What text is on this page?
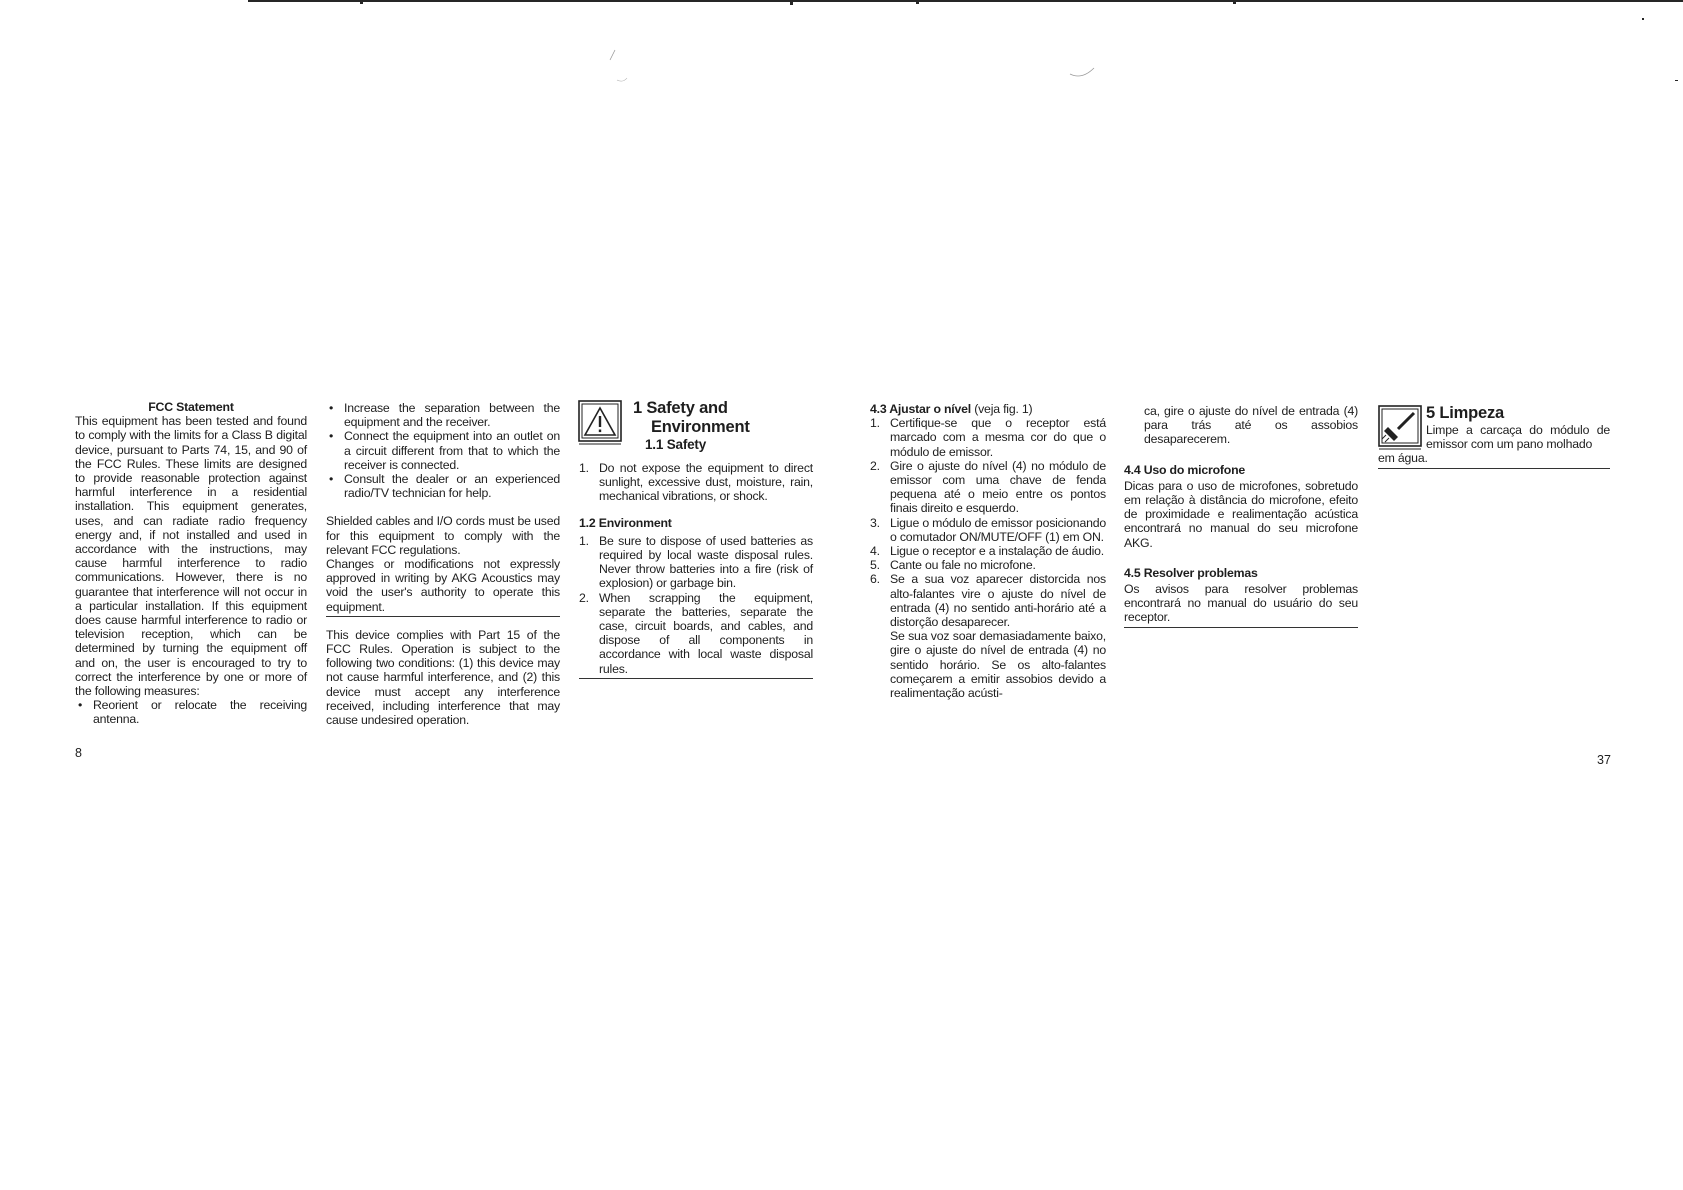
FCC Statement

This equipment has been tested and found to comply with the limits for a Class B digital device, pursuant to Parts 74, 15, and 90 of the FCC Rules. These limits are designed to provide reasonable protection against harmful interference in a residential installation. This equipment generates, uses, and can radiate radio frequency energy and, if not installed and used in accordance with the instructions, may cause harmful interference to radio communications. However, there is no guarantee that interference will not occur in a particular installation. If this equipment does cause harmful interference to radio or television reception, which can be determined by turning the equipment off and on, the user is encouraged to try to correct the interference by one or more of the following measures:

• Reorient or relocate the receiving antenna.
• Increase the separation between the equipment and the receiver.
• Connect the equipment into an outlet on a circuit different from that to which the receiver is connected.
• Consult the dealer or an experienced radio/TV technician for help.

Shielded cables and I/O cords must be used for this equipment to comply with the relevant FCC regulations.

Changes or modifications not expressly approved in writing by AKG Acoustics may void the user's authority to operate this equipment.

This device complies with Part 15 of the FCC Rules. Operation is subject to the following two conditions: (1) this device may not cause harmful interference, and (2) this device must accept any interference received, including interference that may cause undesired operation.

1 Safety and
Environment
1.1 Safety
1. Do not expose the equipment to direct sunlight, excessive dust, moisture, rain, mechanical vibrations, or shock.
1.2 Environment
1. Be sure to dispose of used batteries as required by local waste disposal rules. Never throw batteries into a fire (risk of explosion) or garbage bin.
2. When scrapping the equipment, separate the batteries, separate the case, circuit boards, and cables, and dispose of all components in accordance with local waste disposal rules.
8
4.3 Ajustar o nível (veja fig. 1)
1. Certifique-se que o receptor está marcado com a mesma cor do que o módulo de emissor.
2. Gire o ajuste do nível (4) no módulo de emissor com uma chave de fenda pequena até o meio entre os pontos finais direito e esquerdo.
3. Ligue o módulo de emissor posicionando o comutador ON/MUTE/OFF (1) em ON.
4. Ligue o receptor e a instalação de áudio.
5. Cante ou fale no microfone.
6. Se a sua voz aparecer distorcida nos alto-falantes vire o ajuste do nível de entrada (4) no sentido anti-horário até a distorção desaparecer.
Se sua voz soar demasiadamente baixo, gire o ajuste do nível de entrada (4) no sentido horário. Se os alto-falantes começarem a emitir assobios devido a realimentação acústi-

ca, gire o ajuste do nível de entrada (4) para trás até os assobios desaparecerem.

4.4 Uso do microfone

Dicas para o uso de microfones, sobretudo em relação à distância do microfone, efeito de proximidade e realimentação acústica encontrará no manual do seu microfone AKG.

4.5 Resolver problemas

Os avisos para resolver problemas encontrará no manual do usuário do seu receptor.

5 Limpeza

Limpe a carcaça do módulo de emissor com um pano molhado

em água.

37
